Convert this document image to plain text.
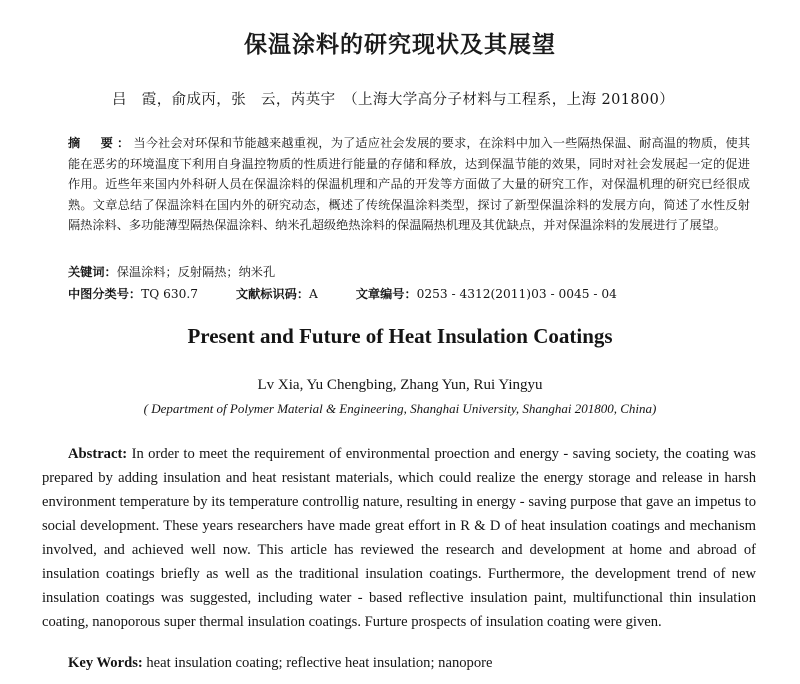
保温涂料的研究现状及其展望
吕　霞，俞成丙，张　云，芮英宇　（上海大学高分子材料与工程系，上海 201800）
摘　要：当今社会对环保和节能越来越重视，为了适应社会发展的要求，在涂料中加入一些隔热保温、耐高温的物质，使其能在恶劣的环境温度下利用自身温控物质的性质进行能量的存储和释放，达到保温节能的效果，同时对社会发展起一定的促进作用。近些年来国内外科研人员在保温涂料的保温机理和产品的开发等方面做了大量的研究工作，对保温机理的研究已经很成熟。文章总结了保温涂料在国内外的研究动态，概述了传统保温涂料类型，探讨了新型保温涂料的发展方向，简述了水性反射隔热涂料、多功能薄型隔热保温涂料、纳米孔超级绝热涂料的保温隔热机理及其优缺点，并对保温涂料的发展进行了展望。
关键词：保温涂料；反射隔热；纳米孔
中图分类号：TQ 630.7	文献标识码：A	文章编号：0253 - 4312(2011)03 - 0045 - 04
Present and Future of Heat Insulation Coatings
Lv Xia, Yu Chengbing, Zhang Yun, Rui Yingyu
( Department of Polymer Material & Engineering, Shanghai University, Shanghai 201800, China)
Abstract: In order to meet the requirement of environmental proection and energy - saving society, the coating was prepared by adding insulation and heat resistant materials, which could realize the energy storage and release in harsh environment temperature by its temperature controllig nature, resulting in energy - saving purpose that gave an impetus to social development. These years researchers have made great effort in R & D of heat insulation coatings and mechanism involved, and achieved well now. This article has reviewed the research and development at home and abroad of insulation coatings briefly as well as the traditional insulation coatings. Furthermore, the development trend of new insulation coatings was suggested, including water - based reflective insulation paint, multifunctional thin insulation coating, nanoporous super thermal insulation coatings. Furture prospects of insulation coating were given.
Key Words: heat insulation coating; reflective heat insulation; nanopore
